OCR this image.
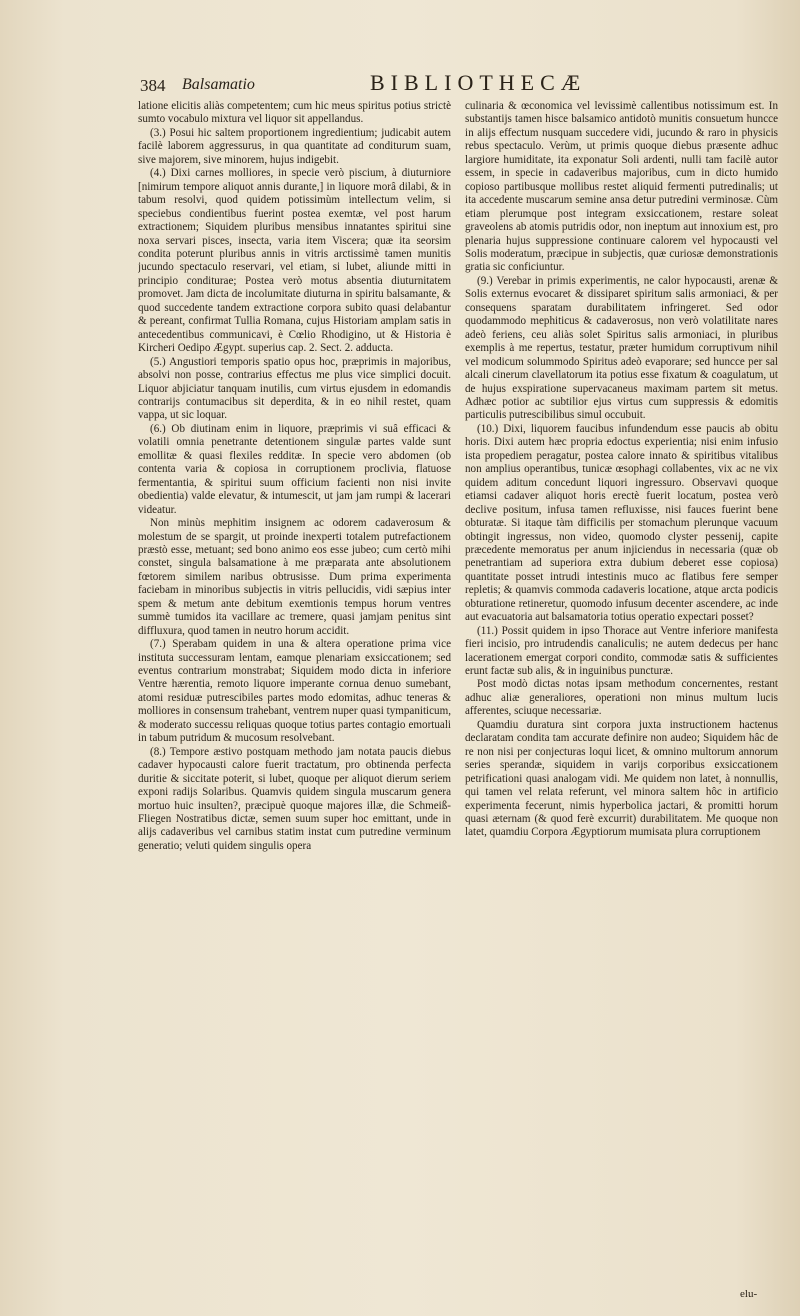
384 Balsamatio	BIBLIOTHECÆ

latione elicitis aliàs competentem; cum hic meus spiritus potius strictè sumto vocabulo mixtura vel liquor sit appellandus.

(3.) Posui hic saltem proportionem ingredientium; judicabit autem facilè laborem aggressurus, in qua quantitate ad conditurum suam, sive majorem, sive minorem, hujus indigebit.

(4.) Dixi carnes molliores, in specie verò piscium, à diuturniore [nimirum tempore aliquot annis durante,] in liquore morâ dilabi, & in tabum resolvi, quod quidem potissimùm intellectum velim, si speciebus condientibus fuerint postea exemtæ, vel post harum extractionem; Siquidem pluribus mensibus innatantes spiritui sine noxa servari pisces, insecta, varia item Viscera; quæ ita seorsim condita poterunt pluribus annis in vitris arctissimè tamen munitis jucundo spectaculo reservari, vel etiam, si lubet, aliunde mitti in principio conditurae; Postea verò motus absentia diuturnitatem promovet. Jam dicta de incolumitate diuturna in spiritu balsamante, & quod succedente tandem extractione corpora subito quasi delabantur & pereant, confirmat Tullia Romana, cujus Historiam amplam satis in antecedentibus communicavi, è Cœlio Rhodigino, ut & Historia è Kircheri Oedipo Ægypt. superius cap. 2. Sect. 2. adducta.

(5.) Angustiori temporis spatio opus hoc, præprimis in majoribus, absolvi non posse, contrarius effectus me plus vice simplici docuit. Liquor abjiciatur tanquam inutilis, cum virtus ejusdem in edomandis contrarijs contumacibus sit deperdita, & in eo nihil restet, quam vappa, ut sic loquar.

(6.) Ob diutinam enim in liquore, præprimis vi suâ efficaci & volatili omnia penetrante detentionem singulæ partes valde sunt emollitæ & quasi flexiles redditæ. In specie vero abdomen (ob contenta varia & copiosa in corruptionem proclivia, flatuose fermentantia, & spiritui suum officium facienti non nisi invite obedientia) valde elevatur, & intumescit, ut jam jam rumpi & lacerari videatur.

Non minùs mephitim insignem ac odorem cadaverosum & molestum de se spargit, ut proinde inexperti totalem putrefactionem præstò esse, metuant; sed bono animo eos esse jubeo; cum certò mihi constet, singula balsamatione à me præparata ante absolutionem fœtorem similem naribus obtrusisse. Dum prima experimenta faciebam in minoribus subjectis in vitris pellucidis, vidi sæpius inter spem & metum ante debitum exemtionis tempus horum ventres summè tumidos ita vacillare ac tremere, quasi jamjam penitus sint diffluxura, quod tamen in neutro horum accidit.

(7.) Sperabam quidem in una & altera operatione prima vice instituta successuram lentam, eamque plenariam exsiccationem; sed eventus contrarium monstrabat; Siquidem modo dicta in inferiore Ventre hærentia, remoto liquore imperante cornua denuo sumebant, atomi residuæ putrescibiles partes modo edomitas, adhuc teneras & molliores in consensum trahebant, ventrem nuper quasi tympaniticum, & moderato successu reliquas quoque totius partes contagio emortuali in tabum putridum & mucosum resolvebant.

(8.) Tempore æstivo postquam methodo jam notata paucis diebus cadaver hypocausti calore fuerit tractatum, pro obtinenda perfecta duritie & siccitate poterit, si lubet, quoque per aliquot dierum seriem exponi radijs Solaribus. Quamvis quidem singula muscarum genera mortuo huic insulten?, præcipuè quoque majores illæ, die Schmeiß-Fliegen Nostratibus dictæ, semen suum super hoc emittant, unde in alijs cadaveribus vel carnibus statim instat cum putredine verminum generatio; veluti quidem singulis opera

culinaria & œconomica vel levissimè callentibus notissimum est. In substantijs tamen hisce balsamico antidotò munitis consuetum huncce in alijs effectum nusquam succedere vidi, jucundo & raro in physicis rebus spectaculo. Verùm, ut primis quoque diebus præsente adhuc largiore humiditate, ita exponatur Soli ardenti, nulli tam facilè autor essem, in specie in cadaveribus majoribus, cum in dicto humido copioso partibusque mollibus restet aliquid fermenti putredinalis; ut ita accedente muscarum semine ansa detur putredini verminosæ. Cùm etiam plerumque post integram exsiccationem, restare soleat graveolens ab atomis putridis odor, non ineptum aut innoxium est, pro plenaria hujus suppressione continuare calorem vel hypocausti vel Solis moderatum, præcipue in subjectis, quæ curiosæ demonstrationis gratia sic conficiuntur.

(9.) Verebar in primis experimentis, ne calor hypocausti, arenæ & Solis externus evocaret & dissiparet spiritum salis armoniaci, & per consequens sparatam durabilitatem infringeret. Sed odor quodammodo mephiticus & cadaverosus, non verò volatilitate nares adeò feriens, ceu aliàs solet Spiritus salis armoniaci, in pluribus exemplis à me repertus, testatur, præter humidum corruptivum nihil vel modicum solummodo Spiritus adeò evaporare; sed huncce per sal alcali cinerum clavellatorum ita potius esse fixatum & coagulatum, ut de hujus exspiratione supervacaneus maximam partem sit metus. Adhæc potior ac subtilior ejus virtus cum suppressis & edomitis particulis putrescibilibus simul occubuit.

(10.) Dixi, liquorem faucibus infundendum esse paucis ab obitu horis. Dixi autem hæc propria edoctus experientia; nisi enim infusio ista propediem peragatur, postea calore innato & spiritibus vitalibus non amplius operantibus, tunicæ œsophagi collabentes, vix ac ne vix quidem aditum concedunt liquori ingressuro. Observavi quoque etiamsi cadaver aliquot horis erectè fuerit locatum, postea verò declive positum, infusa tamen refluxisse, nisi fauces fuerint bene obturatæ. Si itaque tàm difficilis per stomachum plerunque vacuum obtingit ingressus, non video, quomodo clyster pessenij, capite præcedente memoratus per anum injiciendus in necessaria (quæ ob penetrantiam ad superiora extra dubium deberet esse copiosa) quantitate posset intrudi intestinis muco ac flatibus fere semper repletis; & quamvis commoda cadaveris locatione, atque arcta podicis obturatione retineretur, quomodo infusum decenter ascendere, ac inde aut evacuatoria aut balsamatoria totius operatio expectari posset?

(11.) Possit quidem in ipso Thorace aut Ventre inferiore manifesta fieri incisio, pro intrudendis canaliculis; ne autem dedecus per hanc lacerationem emergat corpori condito, commodæ satis & sufficientes erunt factæ sub alis, & in inguinibus puncturæ.

Post modò dictas notas ipsam methodum concernentes, restant adhuc aliæ generaliores, operationi non minus multum lucis afferentes, sciuque necessariæ.

Quamdiu duratura sint corpora juxta instructionem hactenus declaratam condita tam accurate definire non audeo; Siquidem hâc de re non nisi per conjecturas loqui licet, & omnino multorum annorum series sperandæ, siquidem in varijs corporibus exsiccationem petrificationi quasi analogam vidi. Me quidem non latet, à nonnullis, qui tamen vel relata referunt, vel minora saltem hôc in artificio experimenta fecerunt, nimis hyperbolica jactari, & promitti horum quasi æternam (& quod ferè excurrit) durabilitatem. Me quoque non latet, quamdiu Corpora Ægyptiorum mumisata plura corruptionem

elu-
